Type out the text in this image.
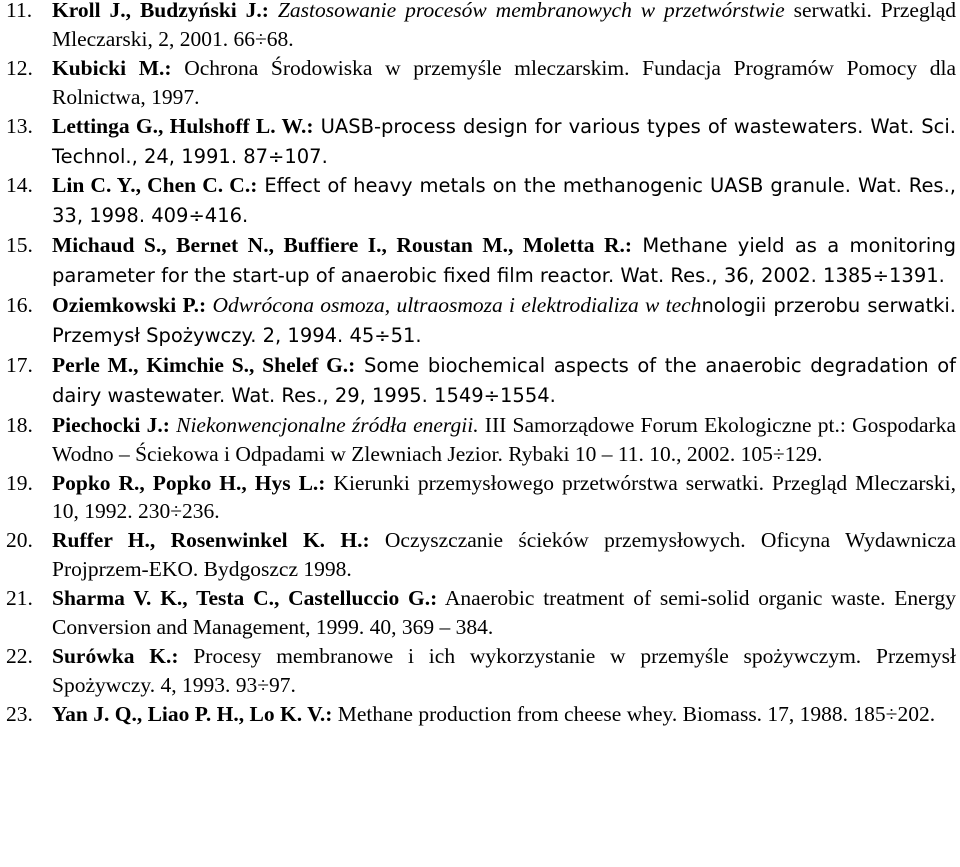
11. Kroll J., Budzyński J.: Zastosowanie procesów membranowych w przetwórstwie serwatki. Przegląd Mleczarski, 2, 2001. 66÷68.
12. Kubicki M.: Ochrona Środowiska w przemyśle mleczarskim. Fundacja Programów Pomocy dla Rolnictwa, 1997.
13. Lettinga G., Hulshoff L. W.: UASB-process design for various types of wastewaters. Wat. Sci. Technol., 24, 1991. 87÷107.
14. Lin C. Y., Chen C. C.: Effect of heavy metals on the methanogenic UASB granule. Wat. Res., 33, 1998. 409÷416.
15. Michaud S., Bernet N., Buffiere I., Roustan M., Moletta R.: Methane yield as a monitoring parameter for the start-up of anaerobic fixed film reactor. Wat. Res., 36, 2002. 1385÷1391.
16. Oziemkowski P.: Odwrócona osmoza, ultraosmoza i elektrodializa w technologii przerobu serwatki. Przemysł Spożywczy. 2, 1994. 45÷51.
17. Perle M., Kimchie S., Shelef G.: Some biochemical aspects of the anaerobic degradation of dairy wastewater. Wat. Res., 29, 1995. 1549÷1554.
18. Piechocki J.: Niekonwencjonalne źródła energii. III Samorządowe Forum Ekologiczne pt.: Gospodarka Wodno – Ściekowa i Odpadami w Zlewniach Jezior. Rybaki 10 – 11. 10., 2002. 105÷129.
19. Popko R., Popko H., Hys L.: Kierunki przemysłowego przetwórstwa serwatki. Przegląd Mleczarski, 10, 1992. 230÷236.
20. Ruffer H., Rosenwinkel K. H.: Oczyszczanie ścieków przemysłowych. Oficyna Wydawnicza Projprzem-EKO. Bydgoszcz 1998.
21. Sharma V. K., Testa C., Castelluccio G.: Anaerobic treatment of semi-solid organic waste. Energy Conversion and Management, 1999. 40, 369 – 384.
22. Surówka K.: Procesy membranowe i ich wykorzystanie w przemyśle spożywczym. Przemysł Spożywczy. 4, 1993. 93÷97.
23. Yan J. Q., Liao P. H., Lo K. V.: Methane production from cheese whey. Biomass. 17, 1988. 185÷202.
